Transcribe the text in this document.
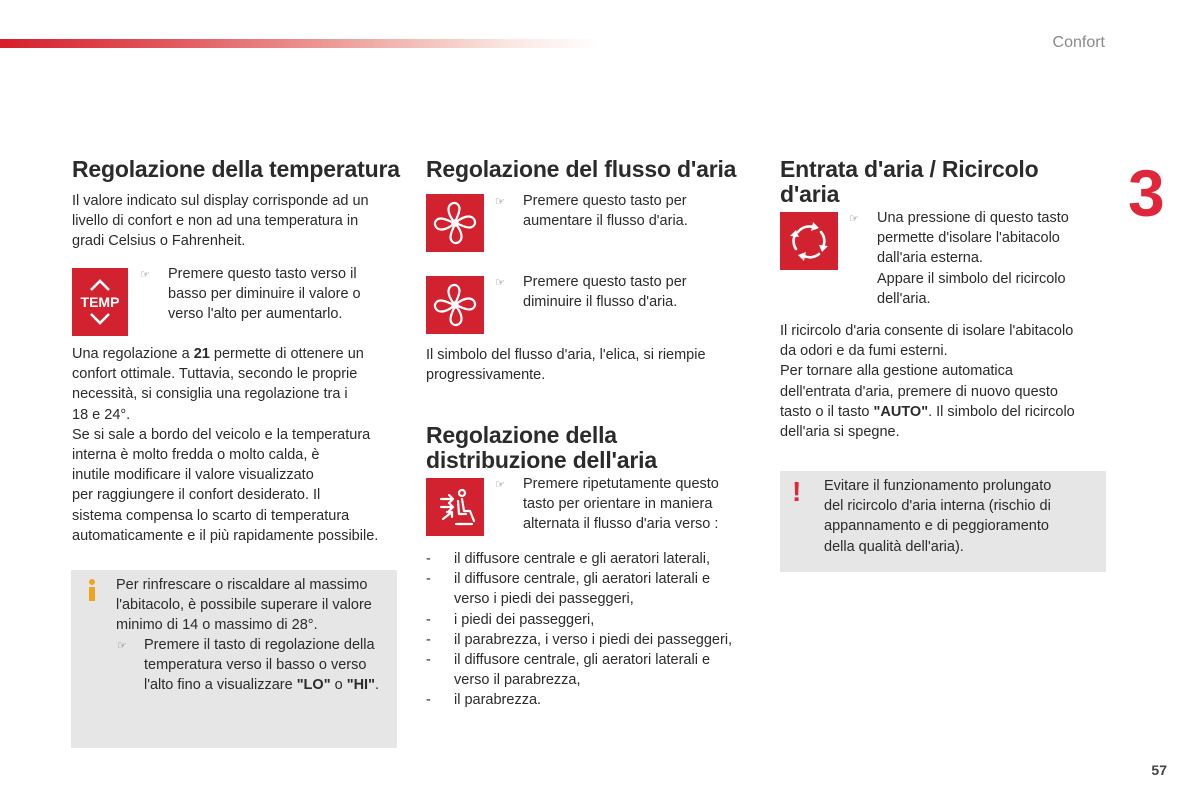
Confort
3
57
Regolazione della temperatura

Il valore indicato sul display corrisponde ad un

livello di confort e non ad una temperatura in

gradi Celsius o Fahrenheit.

TEMP
☞ Premere questo tasto verso il
basso per diminuire il valore o
verso l'alto per aumentarlo.

Una regolazione a 21 permette di ottenere un

confort ottimale. Tuttavia, secondo le proprie

necessità, si consiglia una regolazione tra i

18 e 24°.

Se si sale a bordo del veicolo e la temperatura

interna è molto fredda o molto calda, è

inutile modificare il valore visualizzato

per raggiungere il confort desiderato. Il

sistema compensa lo scarto di temperatura

automaticamente e il più rapidamente possibile.

Per rinfrescare o riscaldare al massimo
l'abitacolo, è possibile superare il valore
minimo di 14 o massimo di 28°.
☞ Premere il tasto di regolazione della
temperatura verso il basso o verso
l'alto fino a visualizzare "LO" o "HI".
Regolazione del flusso d'aria
☞ Premere questo tasto per
aumentare il flusso d'aria.
☞ Premere questo tasto per
diminuire il flusso d'aria.

Il simbolo del flusso d'aria, l'elica, si riempie

progressivamente.

Regolazione della
distribuzione dell'aria
☞ Premere ripetutamente questo
tasto per orientare in maniera
alternata il flusso d'aria verso :
- il diffusore centrale e gli aeratori laterali,
- il diffusore centrale, gli aeratori laterali e
verso i piedi dei passeggeri,
- i piedi dei passeggeri,
- il parabrezza, i verso i piedi dei passeggeri,
- il diffusore centrale, gli aeratori laterali e
verso il parabrezza,
- il parabrezza.
Entrata d'aria / Ricircolo
d'aria
☞ Una pressione di questo tasto
permette d'isolare l'abitacolo
dall'aria esterna.
Appare il simbolo del ricircolo
dell'aria.

Il ricircolo d'aria consente di isolare l'abitacolo

da odori e da fumi esterni.

Per tornare alla gestione automatica

dell'entrata d'aria, premere di nuovo questo

tasto o il tasto "AUTO". Il simbolo del ricircolo

dell'aria si spegne.

! Evitare il funzionamento prolungato
del ricircolo d'aria interna (rischio di
appannamento e di peggioramento
della qualità dell'aria).
